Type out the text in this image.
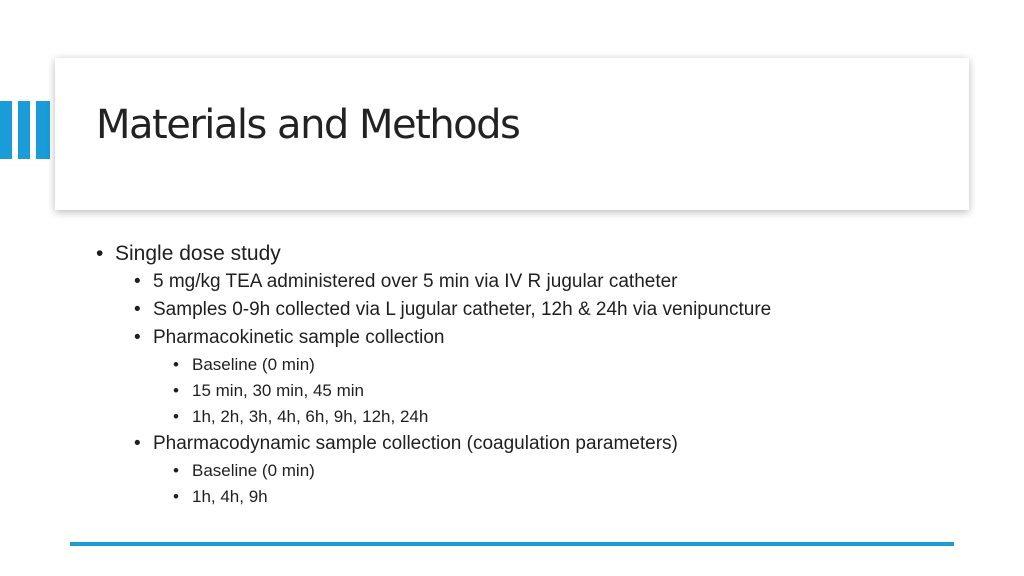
Materials and Methods
• Single dose study
• 5 mg/kg TEA administered over 5 min via IV R jugular catheter
• Samples 0-9h collected via L jugular catheter, 12h & 24h via venipuncture
• Pharmacokinetic sample collection
• Baseline (0 min)
• 15 min, 30 min, 45 min
• 1h, 2h, 3h, 4h, 6h, 9h, 12h, 24h
• Pharmacodynamic sample collection (coagulation parameters)
• Baseline (0 min)
• 1h, 4h, 9h
